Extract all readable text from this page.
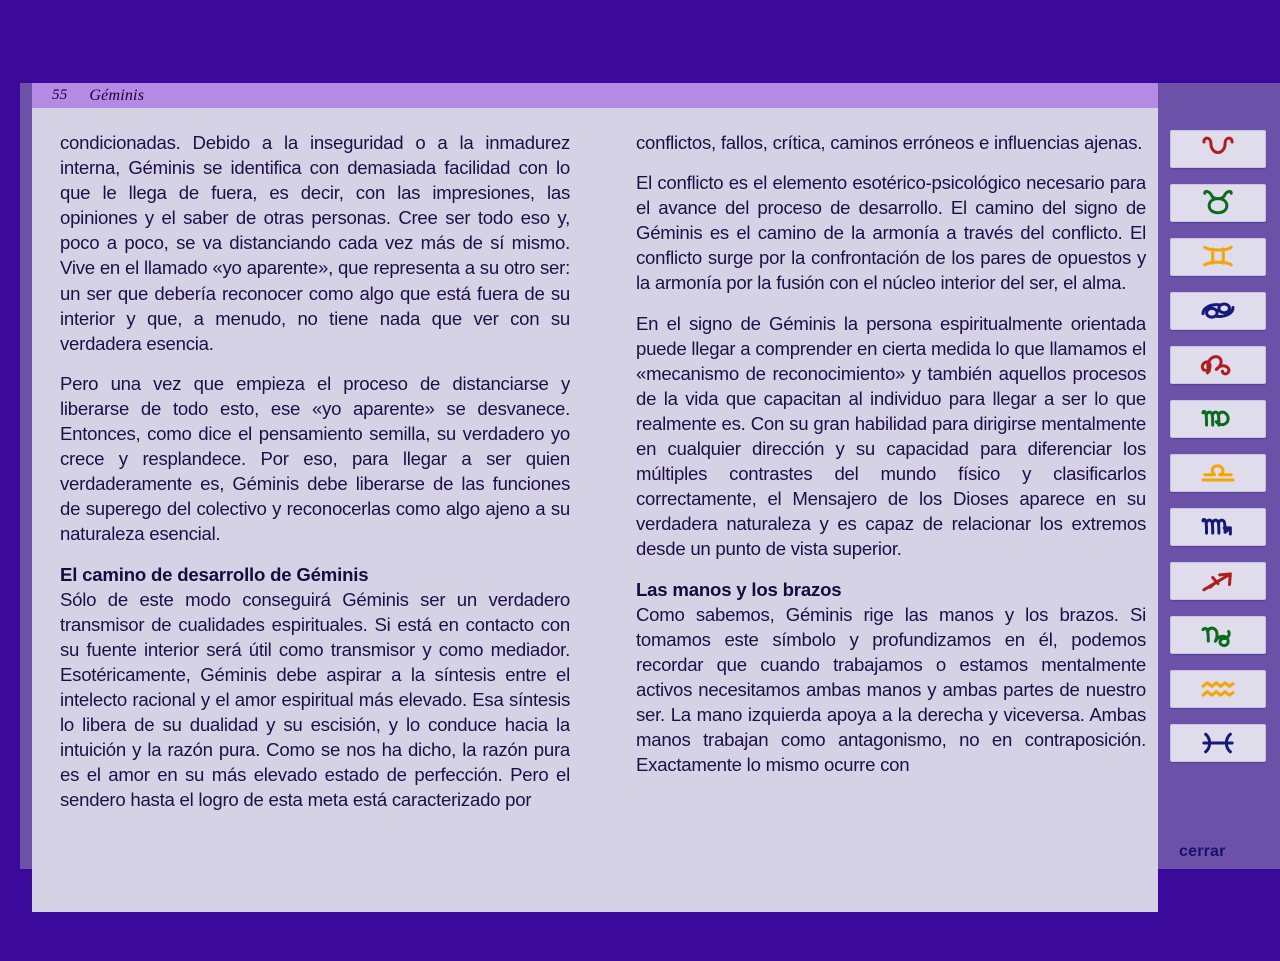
55 Géminis

condicionadas. Debido a la inseguridad o a la inmadurez interna, Géminis se identifica con demasiada facilidad con lo que le llega de fuera, es decir, con las impresiones, las opiniones y el saber de otras personas. Cree ser todo eso y, poco a poco, se va distanciando cada vez más de sí mismo. Vive en el llamado «yo aparente», que representa a su otro ser: un ser que debería reconocer como algo que está fuera de su interior y que, a menudo, no tiene nada que ver con su verdadera esencia.

Pero una vez que empieza el proceso de distanciarse y liberarse de todo esto, ese «yo aparente» se desvanece. Entonces, como dice el pensamiento semilla, su verdadero yo crece y resplandece. Por eso, para llegar a ser quien verdaderamente es, Géminis debe liberarse de las funciones de superego del colectivo y reconocerlas como algo ajeno a su naturaleza esencial.

El camino de desarrollo de Géminis

Sólo de este modo conseguirá Géminis ser un verdadero transmisor de cualidades espirituales. Si está en contacto con su fuente interior será útil como transmisor y como mediador. Esotéricamente, Géminis debe aspirar a la síntesis entre el intelecto racional y el amor espiritual más elevado. Esa síntesis lo libera de su dualidad y su escisión, y lo conduce hacia la intuición y la razón pura. Como se nos ha dicho, la razón pura es el amor en su más elevado estado de perfección. Pero el sendero hasta el logro de esta meta está caracterizado por

conflictos, fallos, crítica, caminos erróneos e influencias ajenas.

El conflicto es el elemento esotérico-psicológico necesario para el avance del proceso de desarrollo. El camino del signo de Géminis es el camino de la armonía a través del conflicto. El conflicto surge por la confrontación de los pares de opuestos y la armonía por la fusión con el núcleo interior del ser, el alma.

En el signo de Géminis la persona espiritualmente orientada puede llegar a comprender en cierta medida lo que llamamos el «mecanismo de reconocimiento» y también aquellos procesos de la vida que capacitan al individuo para llegar a ser lo que realmente es. Con su gran habilidad para dirigirse mentalmente en cualquier dirección y su capacidad para diferenciar los múltiples contrastes del mundo físico y clasificarlos correctamente, el Mensajero de los Dioses aparece en su verdadera naturaleza y es capaz de relacionar los extremos desde un punto de vista superior.

Las manos y los brazos

Como sabemos, Géminis rige las manos y los brazos. Si tomamos este símbolo y profundizamos en él, podemos recordar que cuando trabajamos o estamos mentalmente activos necesitamos ambas manos y ambas partes de nuestro ser. La mano izquierda apoya a la derecha y viceversa. Ambas manos trabajan como antagonismo, no en contraposición. Exactamente lo mismo ocurre con

cerrar
